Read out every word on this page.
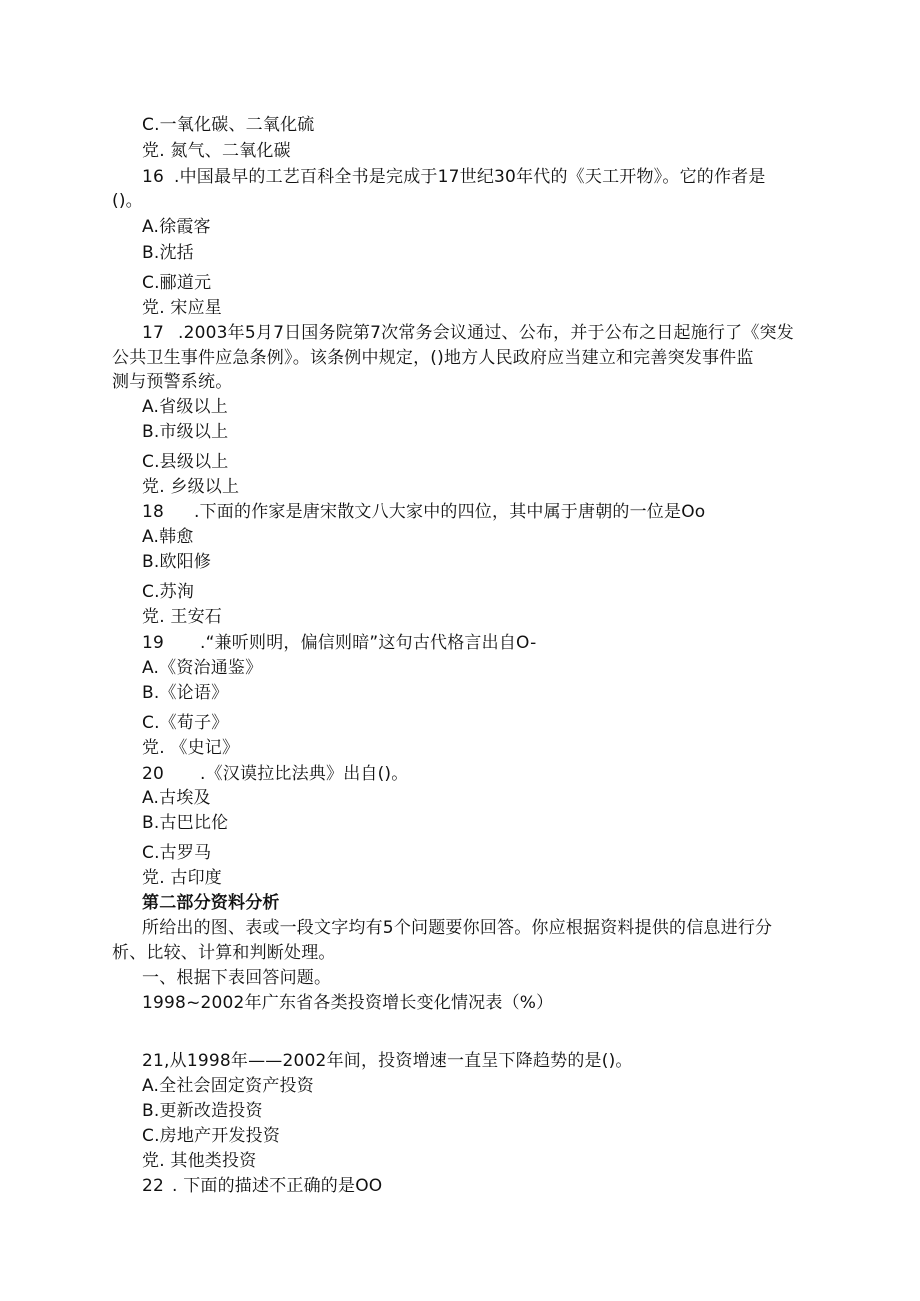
C.一氧化碳、二氧化硫
党. 氮气、二氧化碳
16 .中国最早的工艺百科全书是完成于17世纪30年代的《天工开物》。它的作者是
()。
A.徐霞客
B.沈括
C.郦道元
党. 宋应星
17 .2003年5月7日国务院第7次常务会议通过、公布，并于公布之日起施行了《突发
公共卫生事件应急条例》。该条例中规定，()地方人民政府应当建立和完善突发事件监
测与预警系统。
A.省级以上
B.市级以上
C.县级以上
党. 乡级以上
18 .下面的作家是唐宋散文八大家中的四位，其中属于唐朝的一位是Oo
A.韩愈
B.欧阳修
C.苏洵
党. 王安石
19 .“兼听则明，偏信则暗”这句古代格言出自O-
A.《资治通鉴》
B.《论语》
C.《荀子》
党. 《史记》
20 .《汉谟拉比法典》出自()。
A.古埃及
B.古巴比伦
C.古罗马
党. 古印度
第二部分资料分析
所给出的图、表或一段文字均有5个问题要你回答。你应根据资料提供的信息进行分
析、比较、计算和判断处理。
一、根据下表回答问题。
1998~2002年广东省各类投资增长变化情况表（%）
21,从1998年——2002年间，投资增速一直呈下降趋势的是()。
A.全社会固定资产投资
B.更新改造投资
C.房地产开发投资
党. 其他类投资
22 . 下面的描述不正确的是OO
